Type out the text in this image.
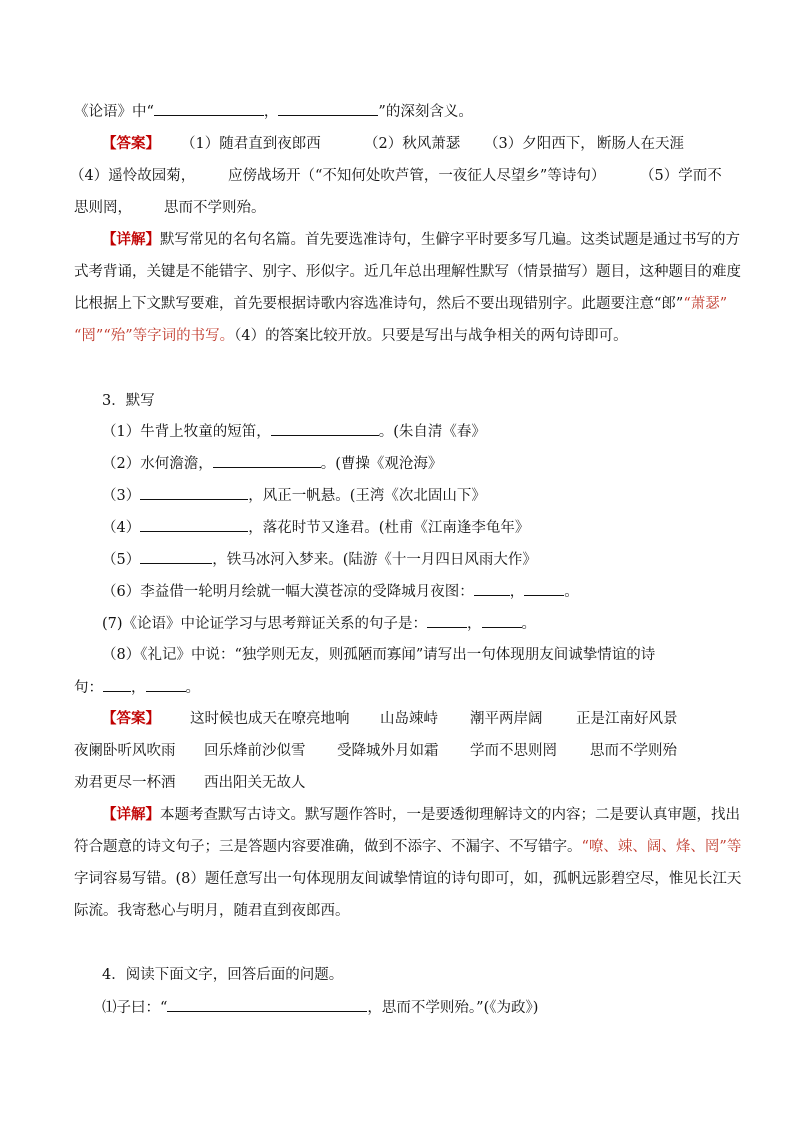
《论语》中“	，	”的深刻含义。
【答案】 （1）随君直到夜郎西	（2）秋风萧瑟 （3）夕阳西下， 断肠人在天涯
（4）遥怜故园菊， 应傍战场开（“不知何处吹芦管，一夜征人尽望乡”等诗句） （5）学而不
思则罔， 思而不学则殆。
【详解】默写常见的名句名篇。首先要选准诗句，生僻字平时要多写几遍。这类试题是通过书写的方
式考背诵，关键是不能错字、别字、形似字。近几年总出理解性默写（情景描写）题目，这种题目的难度
比根据上下文默写要难，首先要根据诗歌内容选准诗句，然后不要出现错别字。此题要注意“郎”“萧瑟”
“罔”“殆”等字词的书写。（4）的答案比较开放。只要是写出与战争相关的两句诗即可。
3．默写
（1）牛背上牧童的短笛，	。(朱自清《春》
（2）水何澹澹，	。(曹操《观沧海》
（3）	，风正一帆悬。(王湾《次北固山下》
（4）	，落花时节又逢君。(杜甫《江南逢李龟年》
（5）	，铁马冰河入梦来。(陆游《十一月四日风雨大作》
（6）李益借一轮明月绘就一幅大漠苍凉的受降城月夜图： ，	。
(7)《论语》中论证学习与思考辩证关系的句子是：	，	。
（8）《礼记》中说：“独学则无友，则孤陋而寡闻”请写出一句体现朋友间诚挚情谊的诗
句： ，	。
【答案】 这时候也成天在嘹亮地响 山岛竦峙 潮平两岸阔 正是江南好风景
夜阑卧听风吹雨 回乐烽前沙似雪 受降城外月如霜 学而不思则罔 思而不学则殆
劝君更尽一杯酒 西出阳关无故人
【详解】本题考查默写古诗文。默写题作答时，一是要透彻理解诗文的内容；二是要认真审题，找出
符合题意的诗文句子；三是答题内容要准确，做到不添字、不漏字、不写错字。“嘹、竦、阔、烽、罔”等
字词容易写错。(8）题任意写出一句体现朋友间诚挚情谊的诗句即可，如，孤帆远影碧空尽，惟见长江天
际流。我寄愁心与明月，随君直到夜郎西。
4．阅读下面文字，回答后面的问题。
⑴子曰：“	，思而不学则殆。”(《为政》)
